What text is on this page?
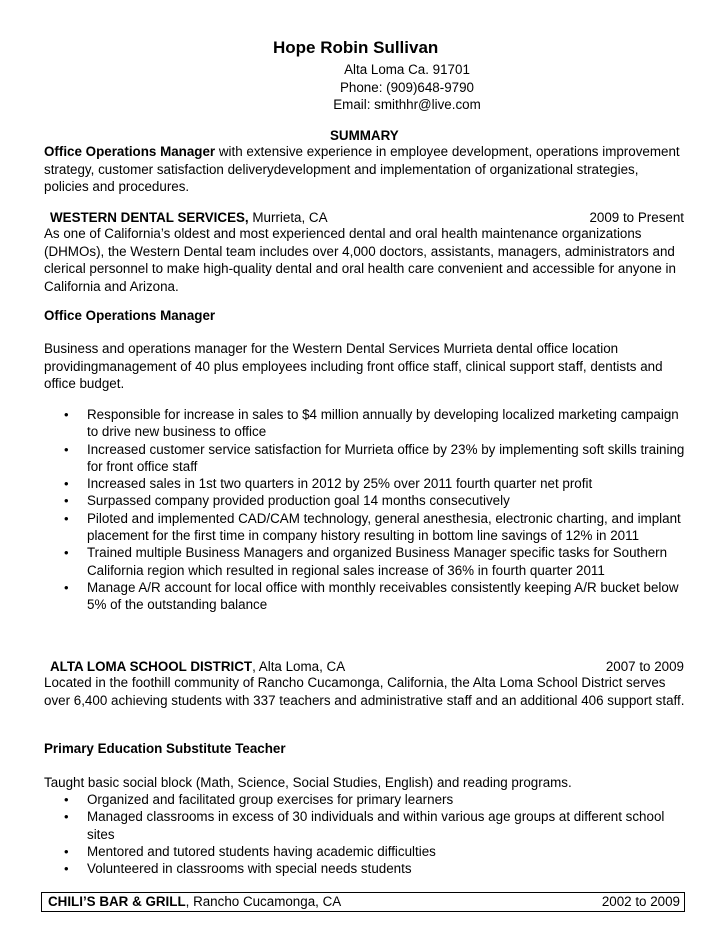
Hope Robin Sullivan
Alta Loma Ca. 91701
Phone: (909)648-9790
Email: smithhr@live.com
SUMMARY
Office Operations Manager with extensive experience in employee development, operations improvement strategy, customer satisfaction deliverydevelopment and implementation of organizational strategies, policies and procedures.
WESTERN DENTAL SERVICES, Murrieta, CA	2009 to Present
As one of California’s oldest and most experienced dental and oral health maintenance organizations (DHMOs), the Western Dental team includes over 4,000 doctors, assistants, managers, administrators and clerical personnel to make high-quality dental and oral health care convenient and accessible for anyone in California and Arizona.
Office Operations Manager
Business and operations manager for the Western Dental Services Murrieta dental office location providingmanagement of 40 plus employees including front office staff, clinical support staff, dentists and office budget.
• Responsible for increase in sales to $4 million annually by developing localized marketing campaign to drive new business to office
• Increased customer service satisfaction for Murrieta office by 23% by implementing soft skills training for front office staff
• Increased sales in 1st two quarters in 2012 by 25% over 2011 fourth quarter net profit
• Surpassed company provided production goal 14 months consecutively
• Piloted and implemented CAD/CAM technology, general anesthesia, electronic charting, and implant placement for the first time in company history resulting in bottom line savings of 12% in 2011
• Trained multiple Business Managers and organized Business Manager specific tasks for Southern California region which resulted in regional sales increase of 36% in fourth quarter 2011
• Manage A/R account for local office with monthly receivables consistently keeping A/R bucket below 5% of the outstanding balance
ALTA LOMA SCHOOL DISTRICT, Alta Loma, CA	2007 to 2009
Located in the foothill community of Rancho Cucamonga, California, the Alta Loma School District serves over 6,400 achieving students with 337 teachers and administrative staff and an additional 406 support staff.
Primary Education Substitute Teacher
Taught basic social block (Math, Science, Social Studies, English) and reading programs.
• Organized and facilitated group exercises for primary learners
• Managed classrooms in excess of 30 individuals and within various age groups at different school sites
• Mentored and tutored students having academic difficulties
• Volunteered in classrooms with special needs students
CHILI’S BAR & GRILL, Rancho Cucamonga, CA	2002 to 2009
